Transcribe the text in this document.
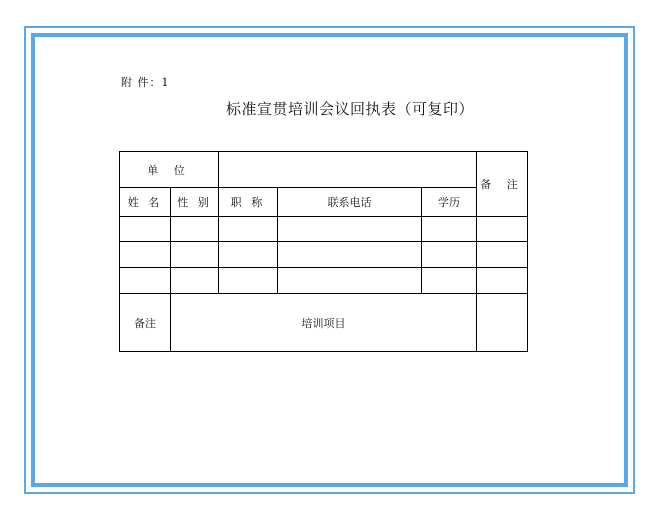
附 件：1
标准宣贯培训会议回执表（可复印）
单 位					备 注
姓 名	性 别	职 称	联系电话	学历	

备注	培训项目				
